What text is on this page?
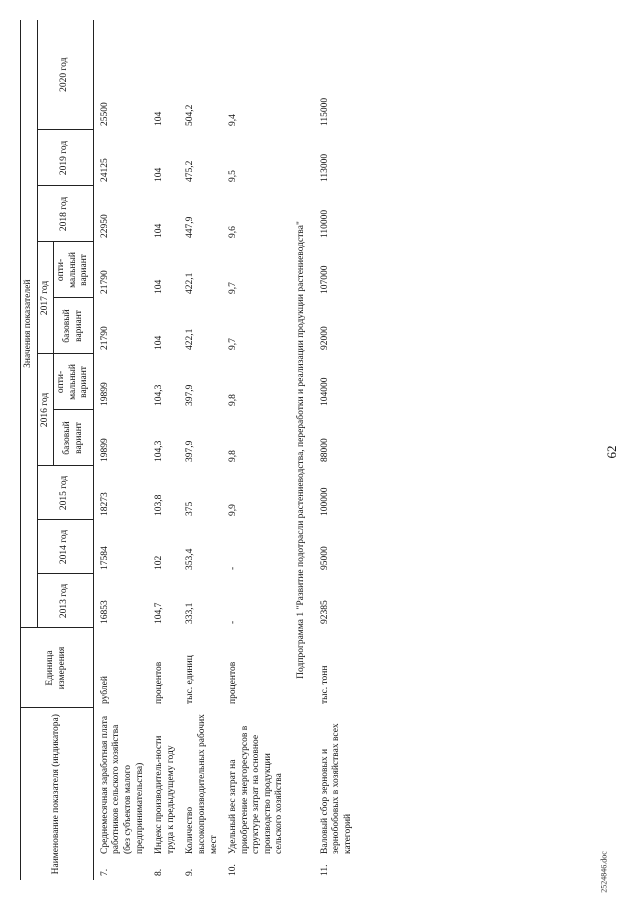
62
2524846.doc
Наименование показателя (индикатора)		Единица измерения	Значения показателей									
			2013 год	2014 год	2015 год	2016 год		2017 год		2018 год	2019 год	2020 год
						базовый вариант	опти-мальный вариант	базовый вариант	опти-мальный вариант			

7.	Среднемесячная заработная плата работников сельского хозяйства (без субъектов малого предпринимательства)	рублей	16853	17584	18273	19899	19899	21790	21790	22950	24125	25500
8.	Индекс производитель-ности труда к предыдущему году	процентов	104,7	102	103,8	104,3	104,3	104	104	104	104	104
9.	Количество высокопроизводительных рабочих мест	тыс. единиц	333,1	353,4	375	397,9	397,9	422,1	422,1	447,9	475,2	504,2
10.	Удельный вес затрат на приобретение энергоресурсов в структуре затрат на основное производство продукции сельского хозяйства	процентов	-	-	9,9	9,8	9,8	9,7	9,7	9,6	9,5	9,4
Подпрограмма 1 "Развитие подотрасли растениеводства, переработки и реализации продукции растениеводства"												
11.	Валовый сбор зерновых и зернобобовых в хозяйствах всех категорий	тыс. тонн	92385	95000	100000	88000	104000	92000	107000	110000	113000	115000
